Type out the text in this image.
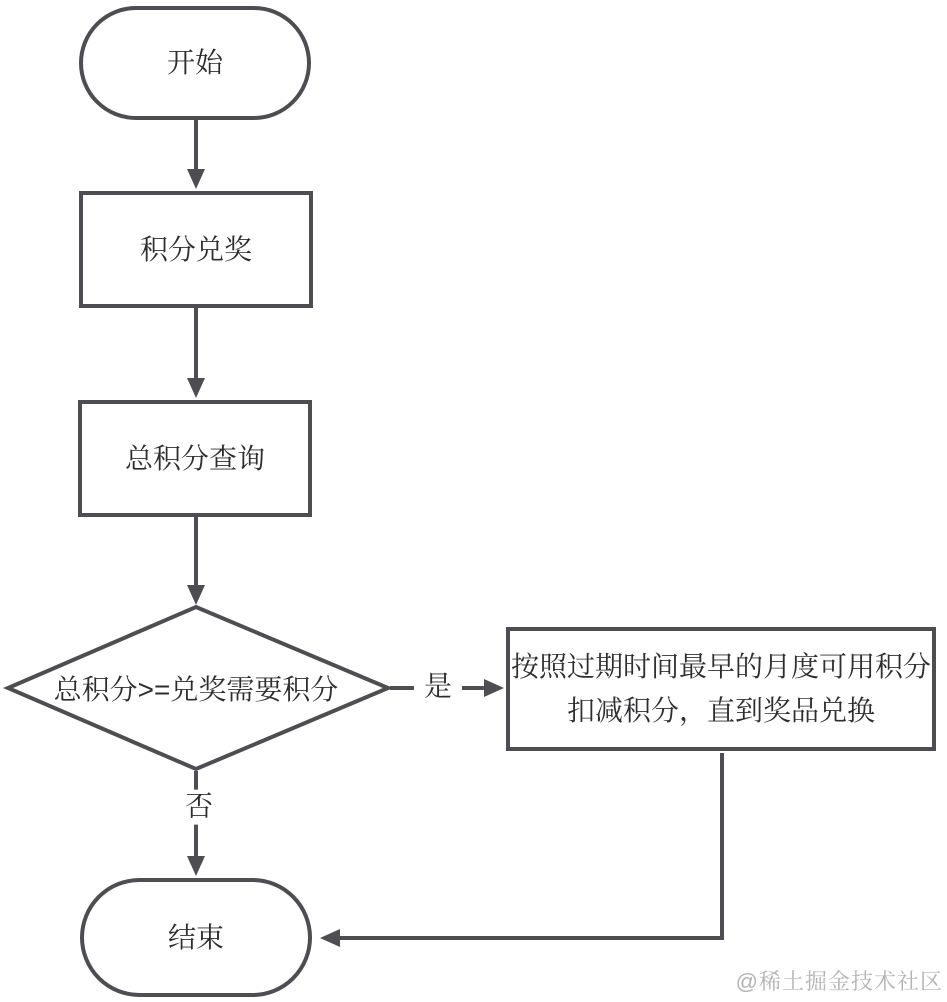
开始
积分兑奖
总积分查询
总积分>=兑奖需要积分
按照过期时间最早的月度可用积分
扣减积分，直到奖品兑换
结束
是
否
@稀土掘金技术社区
